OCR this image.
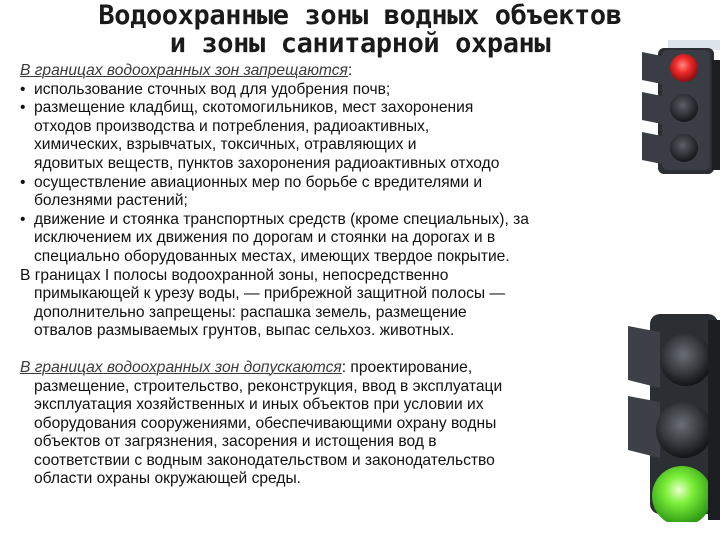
Водоохранные зоны водных объектов
и зоны санитарной охраны
В границах водоохранных зон запрещаются:
• использование сточных вод для удобрения почв;
• размещение кладбищ, скотомогильников, мест захоронения
отходов производства и потребления, радиоактивных,
химических, взрывчатых, токсичных, отравляющих и
ядовитых веществ, пунктов захоронения радиоактивных отходо
• осуществление авиационных мер по борьбе с вредителями и
болезнями растений;
• движение и стоянка транспортных средств (кроме специальных), за
исключением их движения по дорогам и стоянки на дорогах и в
специально оборудованных местах, имеющих твердое покрытие.
В границах I полосы водоохранной зоны, непосредственно
примыкающей к урезу воды, — прибрежной защитной полосы —
дополнительно запрещены: распашка земель, размещение
отвалов размываемых грунтов, выпас сельхоз. животных.
В границах водоохранных зон допускаются: проектирование,
размещение, строительство, реконструкция, ввод в эксплуатаци
эксплуатация хозяйственных и иных объектов при условии их
оборудования сооружениями, обеспечивающими охрану водны
объектов от загрязнения, засорения и истощения вод в
соответствии с водным законодательством и законодательство
области охраны окружающей среды.
